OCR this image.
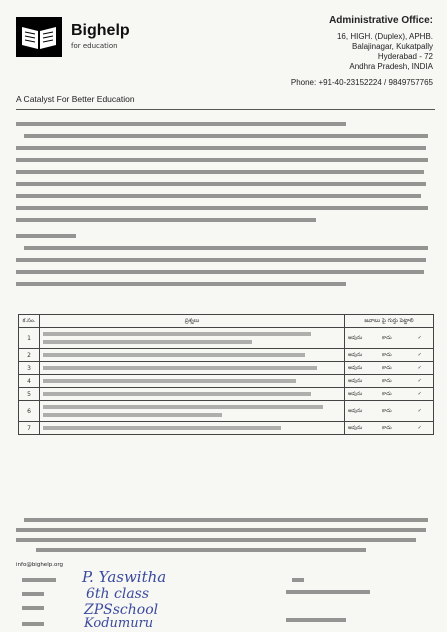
Bighelp
for education
A Catalyst For Better Education
Administrative Office:
16, HIGH. (Duplex), APHB.
Balajinagar, Kukatpally
Hyderabad - 72
Andhra Pradesh, INDIA
Phone: +91-40-23152224 / 9849757765
క.సం.	ప్రశ్నలు	జవాబు పై గుర్తు పెట్టాలి
1		అవును కాదు ✓
2		అవును కాదు ✓
3		అవును కాదు ✓
4		అవును కాదు ✓
5		అవును కాదు ✓
6		అవును కాదు ✓
7		అవును కాదు ✓
info@bighelp.org
P. Yaswitha
6th class
ZPSschool
Kodumuru
